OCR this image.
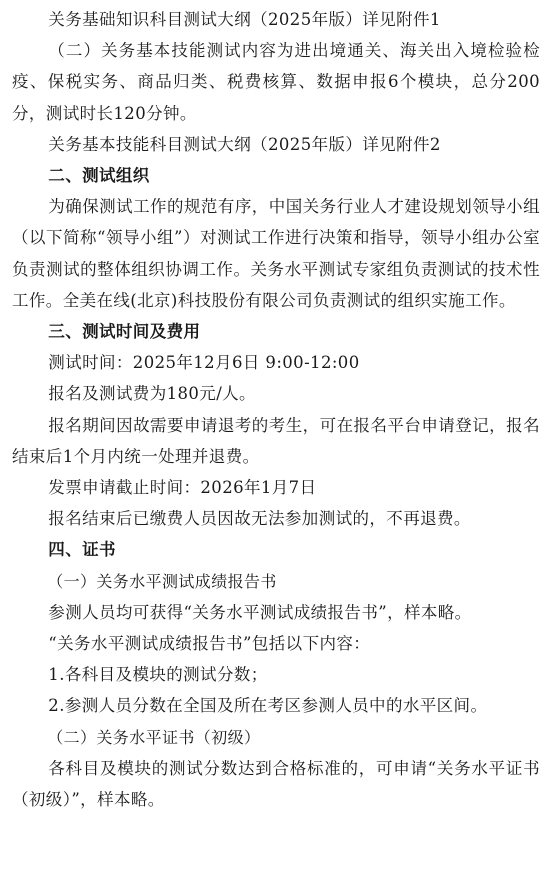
关务基础知识科目测试大纲（2025年版）详见附件1

（二）关务基本技能测试内容为进出境通关、海关出入境检验检疫、保税实务、商品归类、税费核算、数据申报6个模块，总分200分，测试时长120分钟。

关务基本技能科目测试大纲（2025年版）详见附件2

二、测试组织

为确保测试工作的规范有序，中国关务行业人才建设规划领导小组（以下简称“领导小组”）对测试工作进行决策和指导，领导小组办公室负责测试的整体组织协调工作。关务水平测试专家组负责测试的技术性工作。全美在线(北京)科技股份有限公司负责测试的组织实施工作。

三、测试时间及费用

测试时间：2025年12月6日 9:00-12:00

报名及测试费为180元/人。

报名期间因故需要申请退考的考生，可在报名平台申请登记，报名结束后1个月内统一处理并退费。

发票申请截止时间：2026年1月7日

报名结束后已缴费人员因故无法参加测试的，不再退费。

四、证书

（一）关务水平测试成绩报告书

参测人员均可获得“关务水平测试成绩报告书”，样本略。

“关务水平测试成绩报告书”包括以下内容：

1.各科目及模块的测试分数；

2.参测人员分数在全国及所在考区参测人员中的水平区间。

（二）关务水平证书（初级）

各科目及模块的测试分数达到合格标准的，可申请“关务水平证书（初级）”，样本略。
